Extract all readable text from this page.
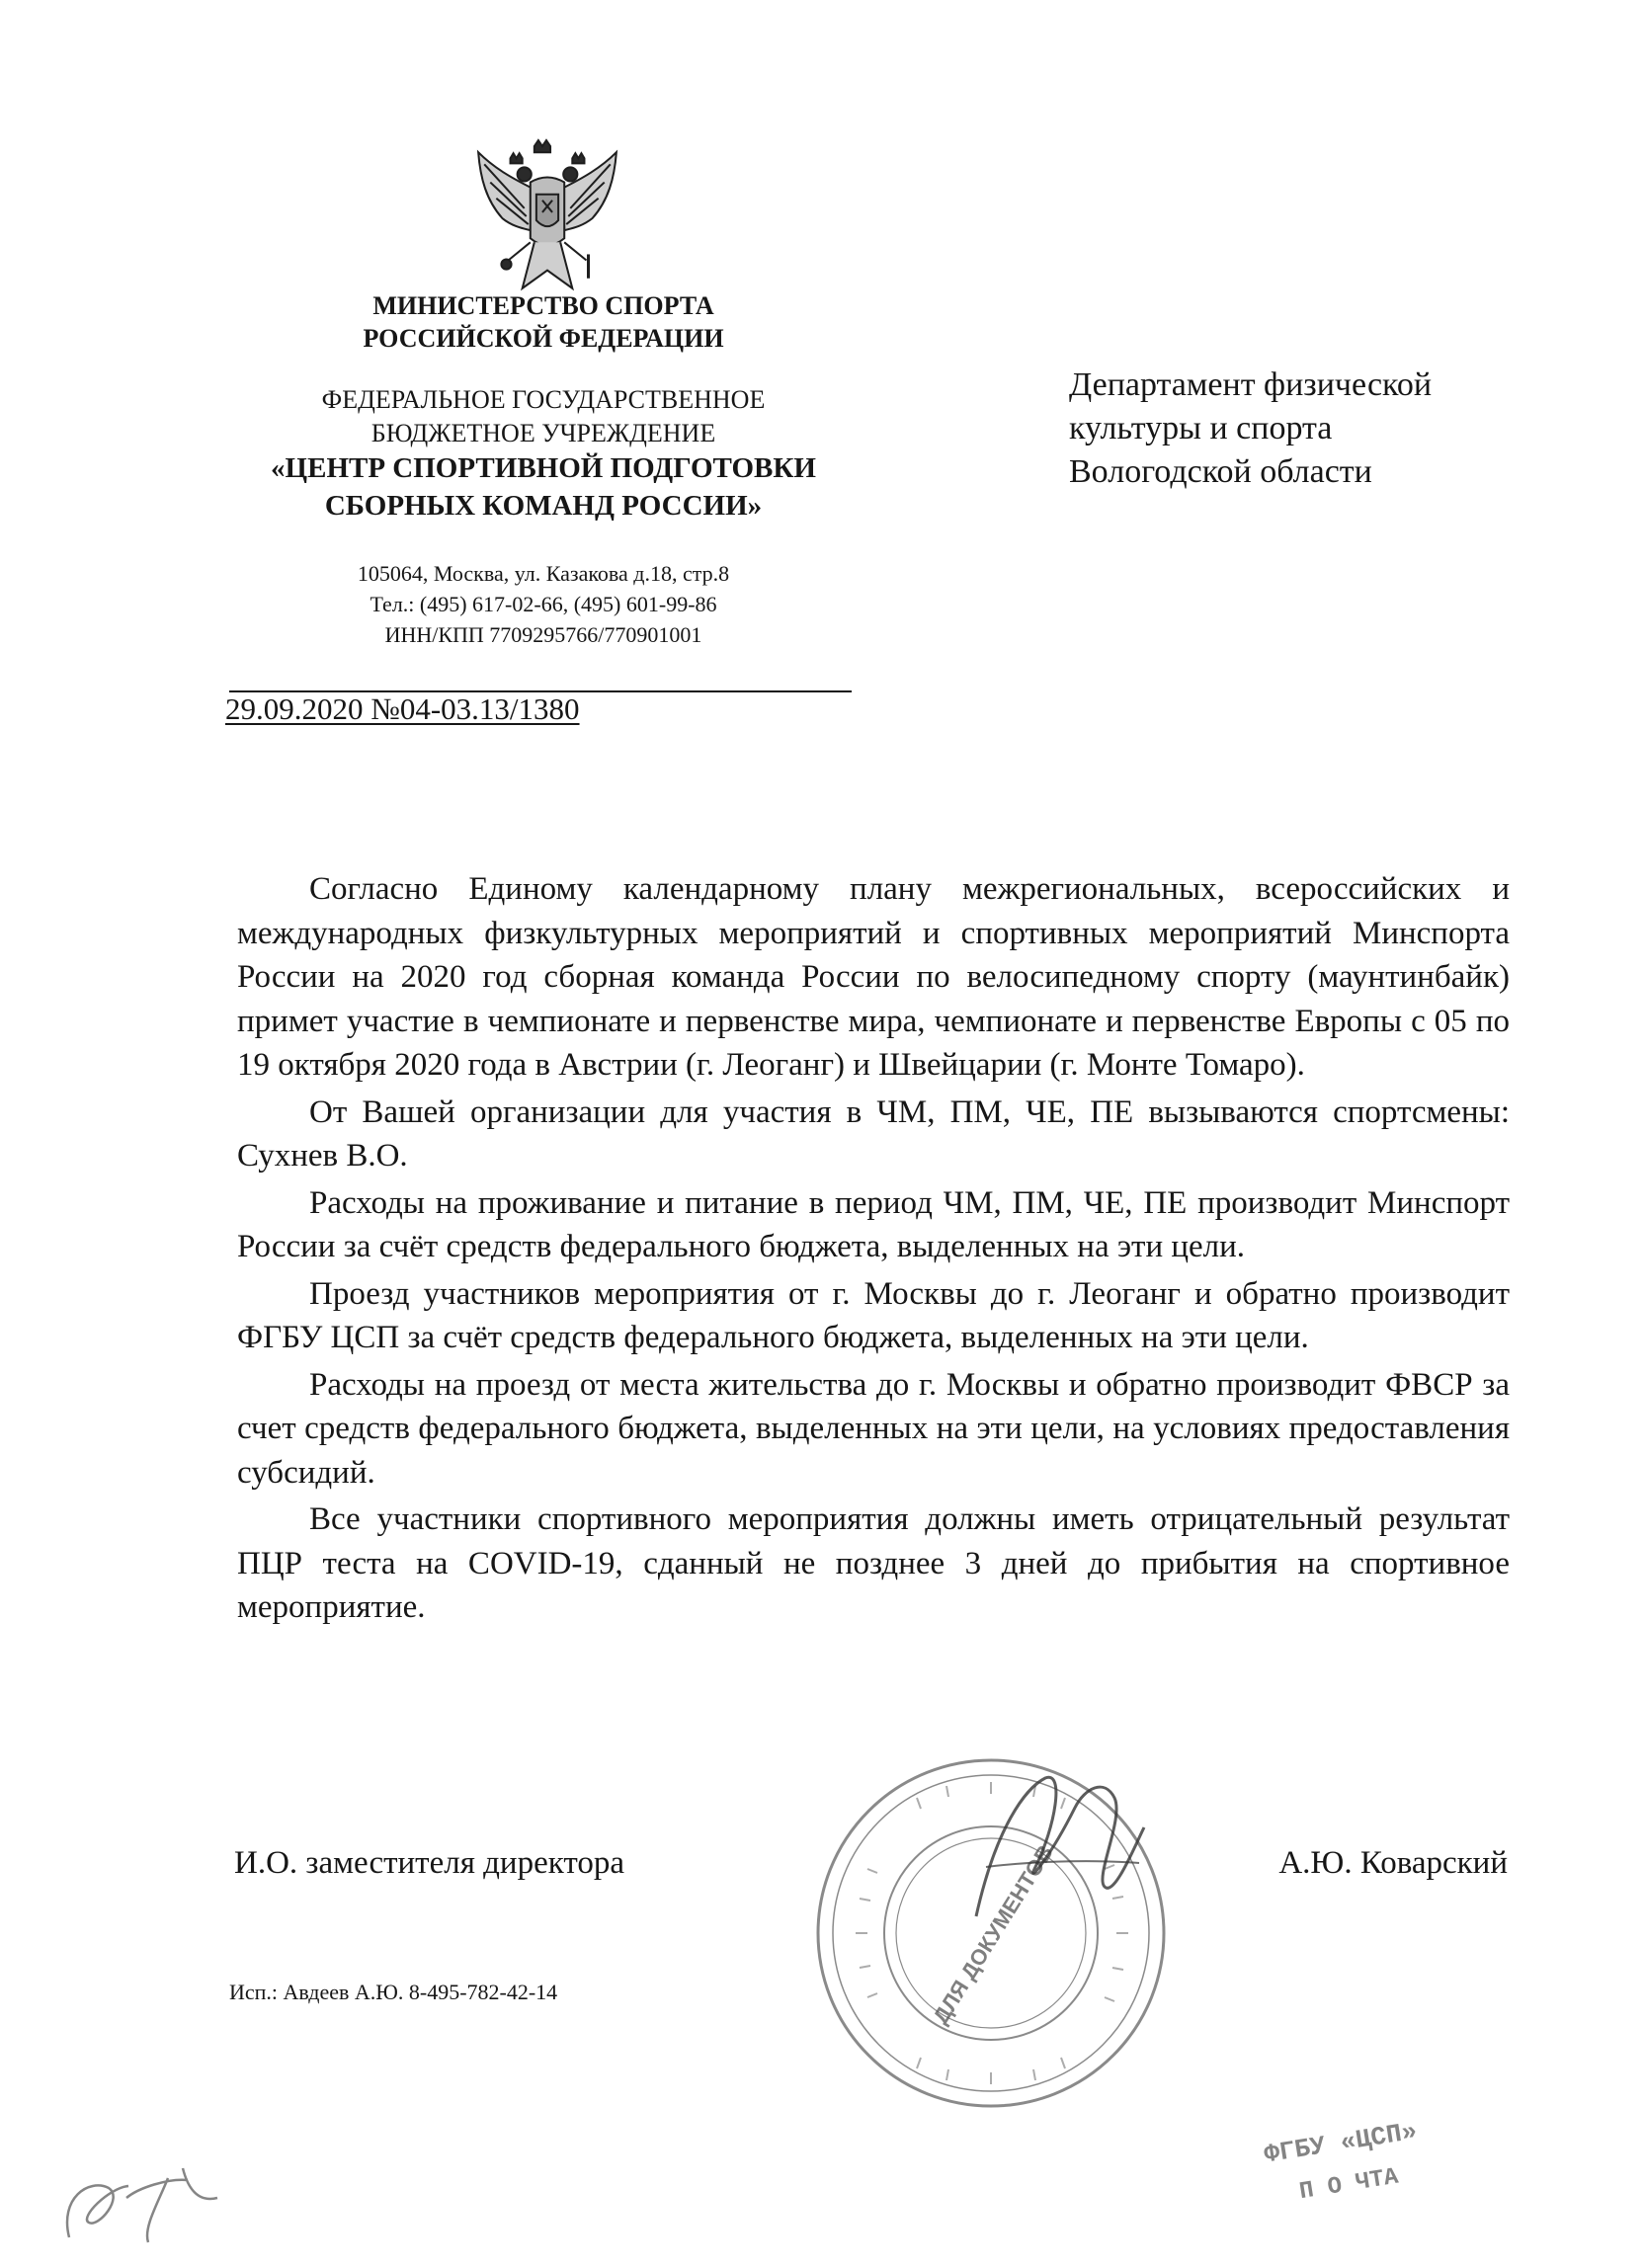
МИНИСТЕРСТВО СПОРТА
РОССИЙСКОЙ ФЕДЕРАЦИИ
ФЕДЕРАЛЬНОЕ ГОСУДАРСТВЕННОЕ
БЮДЖЕТНОЕ УЧРЕЖДЕНИЕ
«ЦЕНТР СПОРТИВНОЙ ПОДГОТОВКИ
СБОРНЫХ КОМАНД РОССИИ»
105064, Москва, ул. Казакова д.18, стр.8
Тел.: (495) 617-02-66, (495) 601-99-86
ИНН/КПП 7709295766/770901001
29.09.2020 №04-03.13/1380
Департамент физической
культуры и спорта
Вологодской области

Согласно Единому календарному плану межрегиональных, всероссийских и международных физкультурных мероприятий и спортивных мероприятий Минспорта России на 2020 год сборная команда России по велосипедному спорту (маунтинбайк) примет участие в чемпионате и первенстве мира, чемпионате и первенстве Европы с 05 по 19 октября 2020 года в Австрии (г. Леоганг) и Швейцарии (г. Монте Томаро).

От Вашей организации для участия в ЧМ, ПМ, ЧЕ, ПЕ вызываются спортсмены: Сухнев В.О.

Расходы на проживание и питание в период ЧМ, ПМ, ЧЕ, ПЕ производит Минспорт России за счёт средств федерального бюджета, выделенных на эти цели.

Проезд участников мероприятия от г. Москвы до г. Леоганг и обратно производит ФГБУ ЦСП за счёт средств федерального бюджета, выделенных на эти цели.

Расходы на проезд от места жительства до г. Москвы и обратно производит ФВСР за счет средств федерального бюджета, выделенных на эти цели, на условиях предоставления субсидий.

Все участники спортивного мероприятия должны иметь отрицательный результат ПЦР теста на COVID-19, сданный не позднее 3 дней до прибытия на спортивное мероприятие.

ДЛЯ ДОКУМЕНТОВ
И.О. заместителя директора	А.Ю. Коварский
Исп.: Авдеев А.Ю. 8-495-782-42-14
ФГБУ «ЦСП»
П О ЧТА
